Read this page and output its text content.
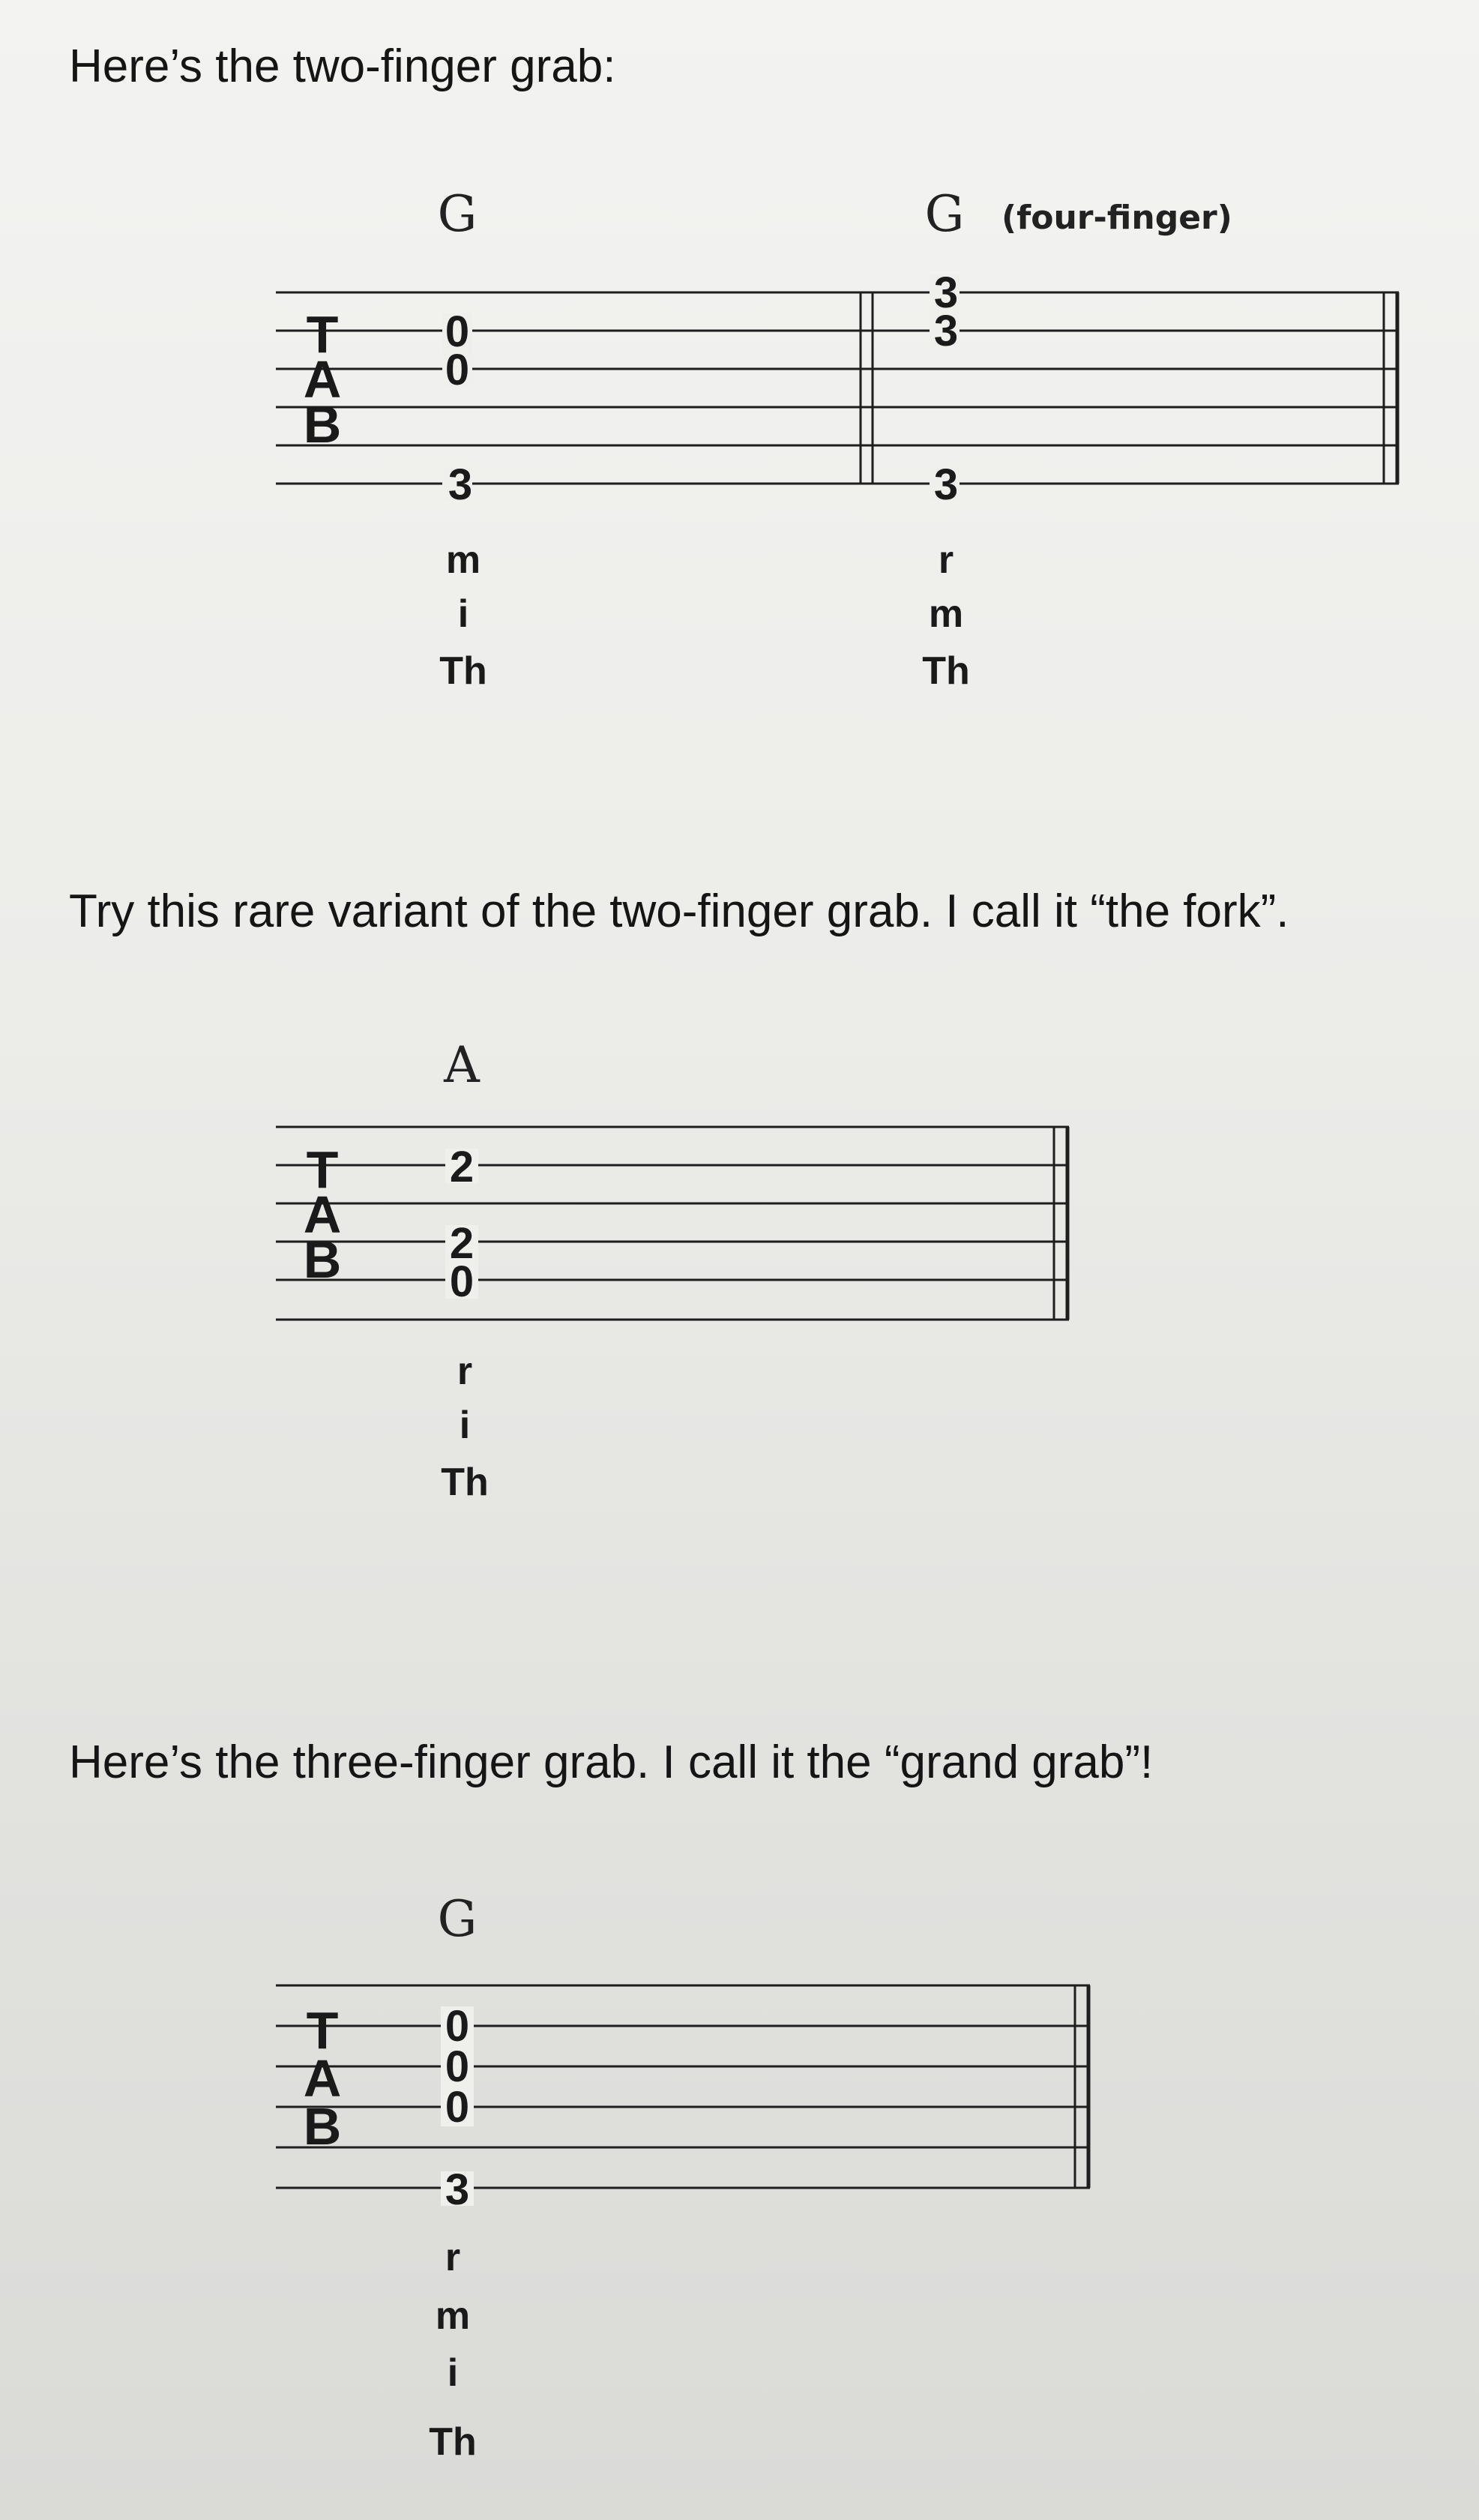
Here’s the two-finger grab:
Try this rare variant of the two-finger grab. I call it “the fork”.
Here’s the three-finger grab. I call it the “grand grab”!
T
A
B
G	G (four-finger)
0
0
3
3
3
3
m
i
Th
r
m
Th
T
A
B
A
2
2
0
r
i
Th
T
A
B
G
0
0
0
3
r
m
i
Th
